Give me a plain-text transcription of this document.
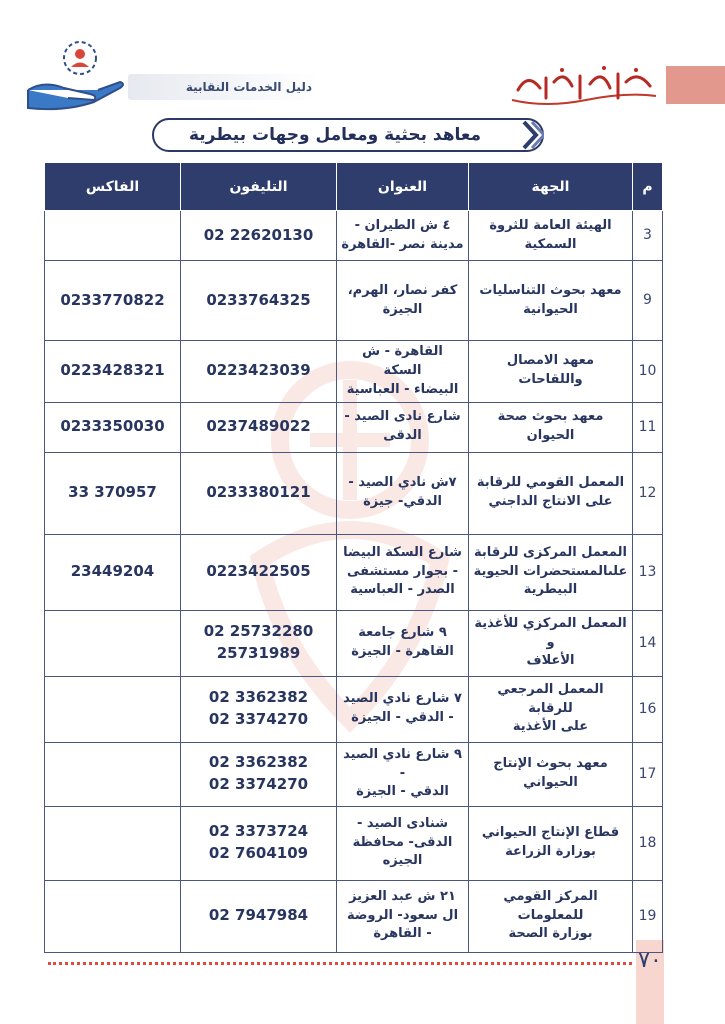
دليل الخدمات النقابية
معاهد بحثية ومعامل وجهات بيطرية
م	الجهة	العنوان	التليفون	الفاكس
3	الهيئة العامة للثروة
السمكية	٤ ش الطيران -
مدينة نصر -القاهرة	02 22620130	
9	معهد بحوث التناسليات
الحيوانية	كفر نصار، الهرم،
الجيزة	0233764325	0233770822
10	معهد الامصال واللقاحات	القاهرة - ش السكة
البيضاء - العباسية	0223423039	0223428321
11	معهد بحوث صحة الحيوان	شارع نادى الصيد -
الدقى	0237489022	0233350030
12	المعمل القومي للرقابة
على الانتاج الداجني	٧ش نادي الصيد -
الدقي- جيزة	0233380121	33 370957
13	المعمل المركزى للرقابة
علىالمستحضرات الحيوية
البيطرية	شارع السكة البيضا
- بجوار مستشفى
الصدر - العباسية	0223422505	23449204
14	المعمل المركزي للأغذية و
الأعلاف	٩ شارع جامعة
القاهرة - الجيزة	02 25732280
25731989	
16	المعمل المرجعي للرقابة
على الأغذية	٧ شارع نادي الصيد
- الدقي - الجيزة	02 3362382
02 3374270	
17	معهد بحوث الإنتاج
الحيواني	٩ شارع نادي الصيد -
الدقي - الجيزة	02 3362382
02 3374270	
18	قطاع الإنتاج الحيواني
بوزارة الزراعة	شنادى الصيد -
الدقى- محافظة
الجيزه	02 3373724
02 7604109	
19	المركز القومي للمعلومات
بوزارة الصحة	٢١ ش عبد العزيز
ال سعود- الروضة
- القاهرة	02 7947984	
٧٠
